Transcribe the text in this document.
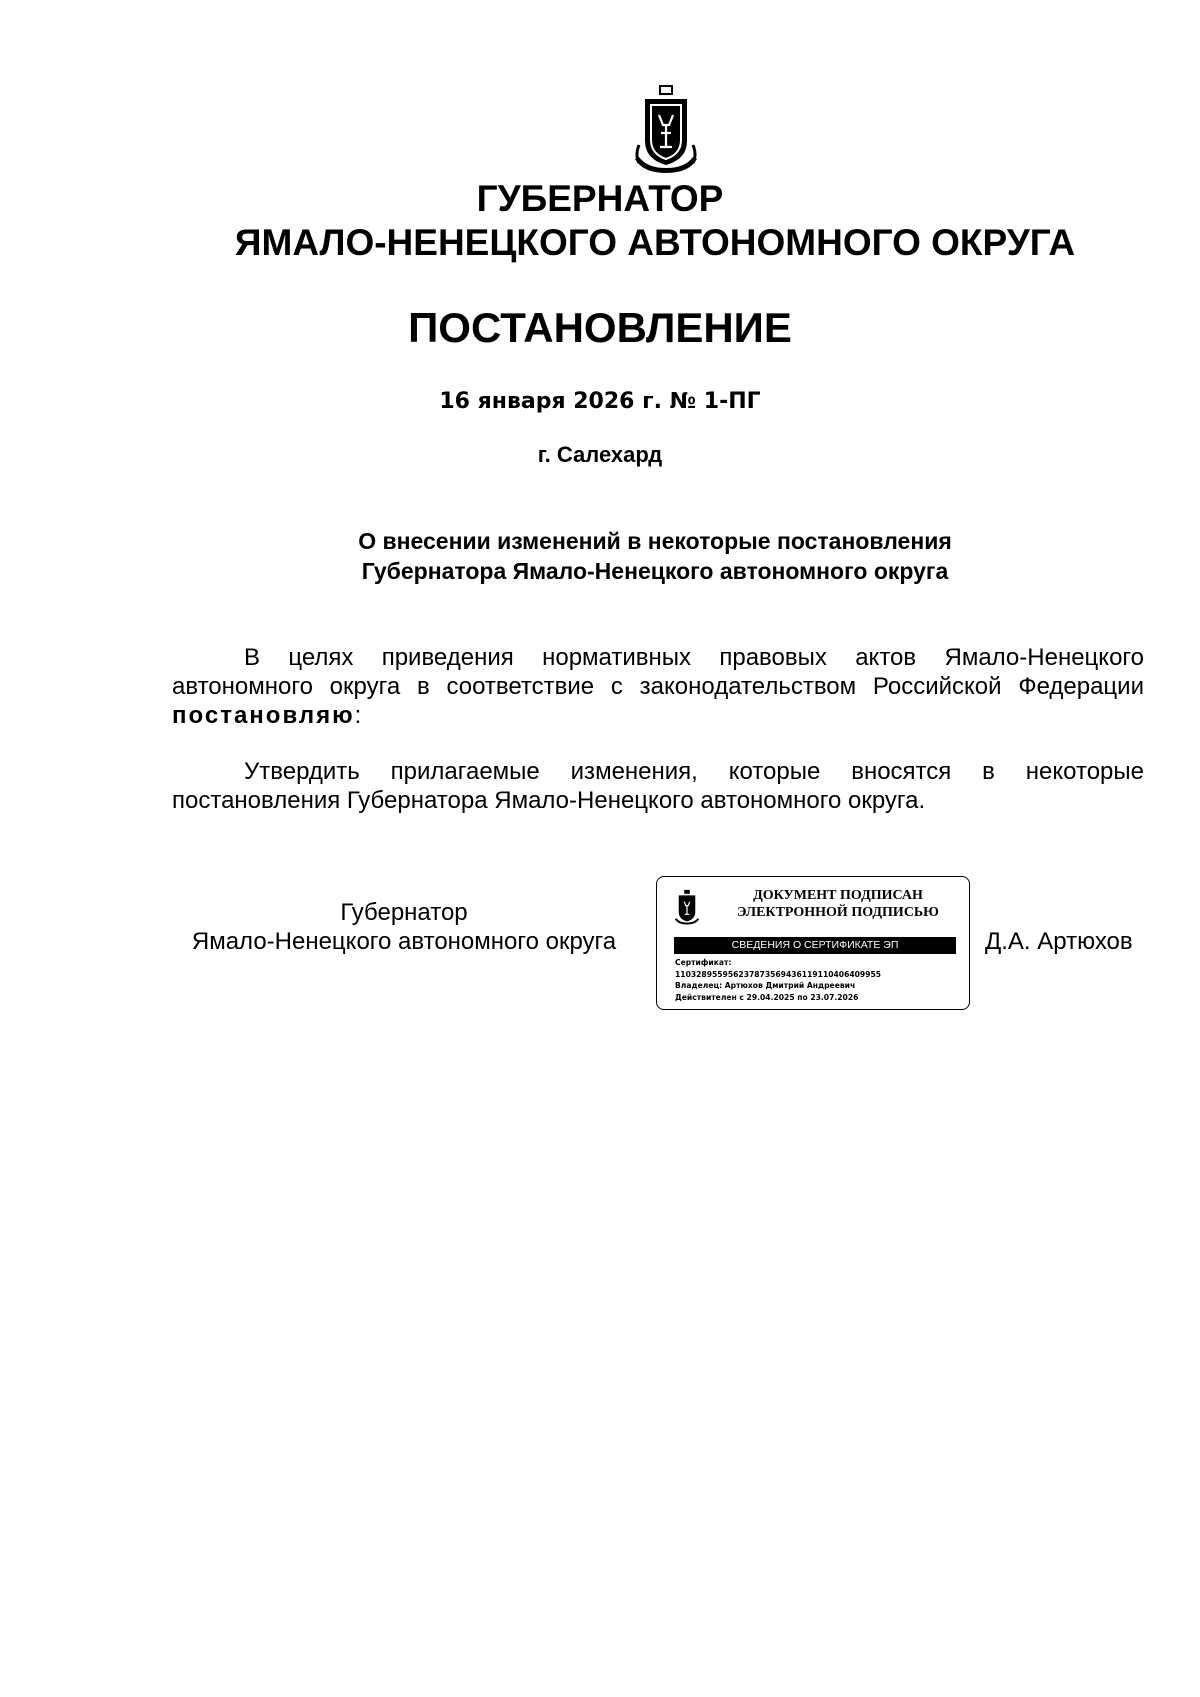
ГУБЕРНАТОР
ЯМАЛО-НЕНЕЦКОГО АВТОНОМНОГО ОКРУГА
ПОСТАНОВЛЕНИЕ
16 января 2026 г. № 1-ПГ
г. Салехард
О внесении изменений в некоторые постановления
Губернатора Ямало-Ненецкого автономного округа
В целях приведения нормативных правовых актов Ямало-Ненецкого автономного округа в соответствие с законодательством Российской Федерации постановляю:
Утвердить прилагаемые изменения, которые вносятся в некоторые постановления Губернатора Ямало-Ненецкого автономного округа.
Губернатор
Ямало-Ненецкого автономного округа
ДОКУМЕНТ ПОДПИСАН
ЭЛЕКТРОННОЙ ПОДПИСЬЮ
СВЕДЕНИЯ О СЕРТИФИКАТЕ ЭП
Сертификат:
110328955956237873569436119110406409955
Владелец: Артюхов Дмитрий Андреевич
Действителен с 29.04.2025 по 23.07.2026
Д.А. Артюхов
